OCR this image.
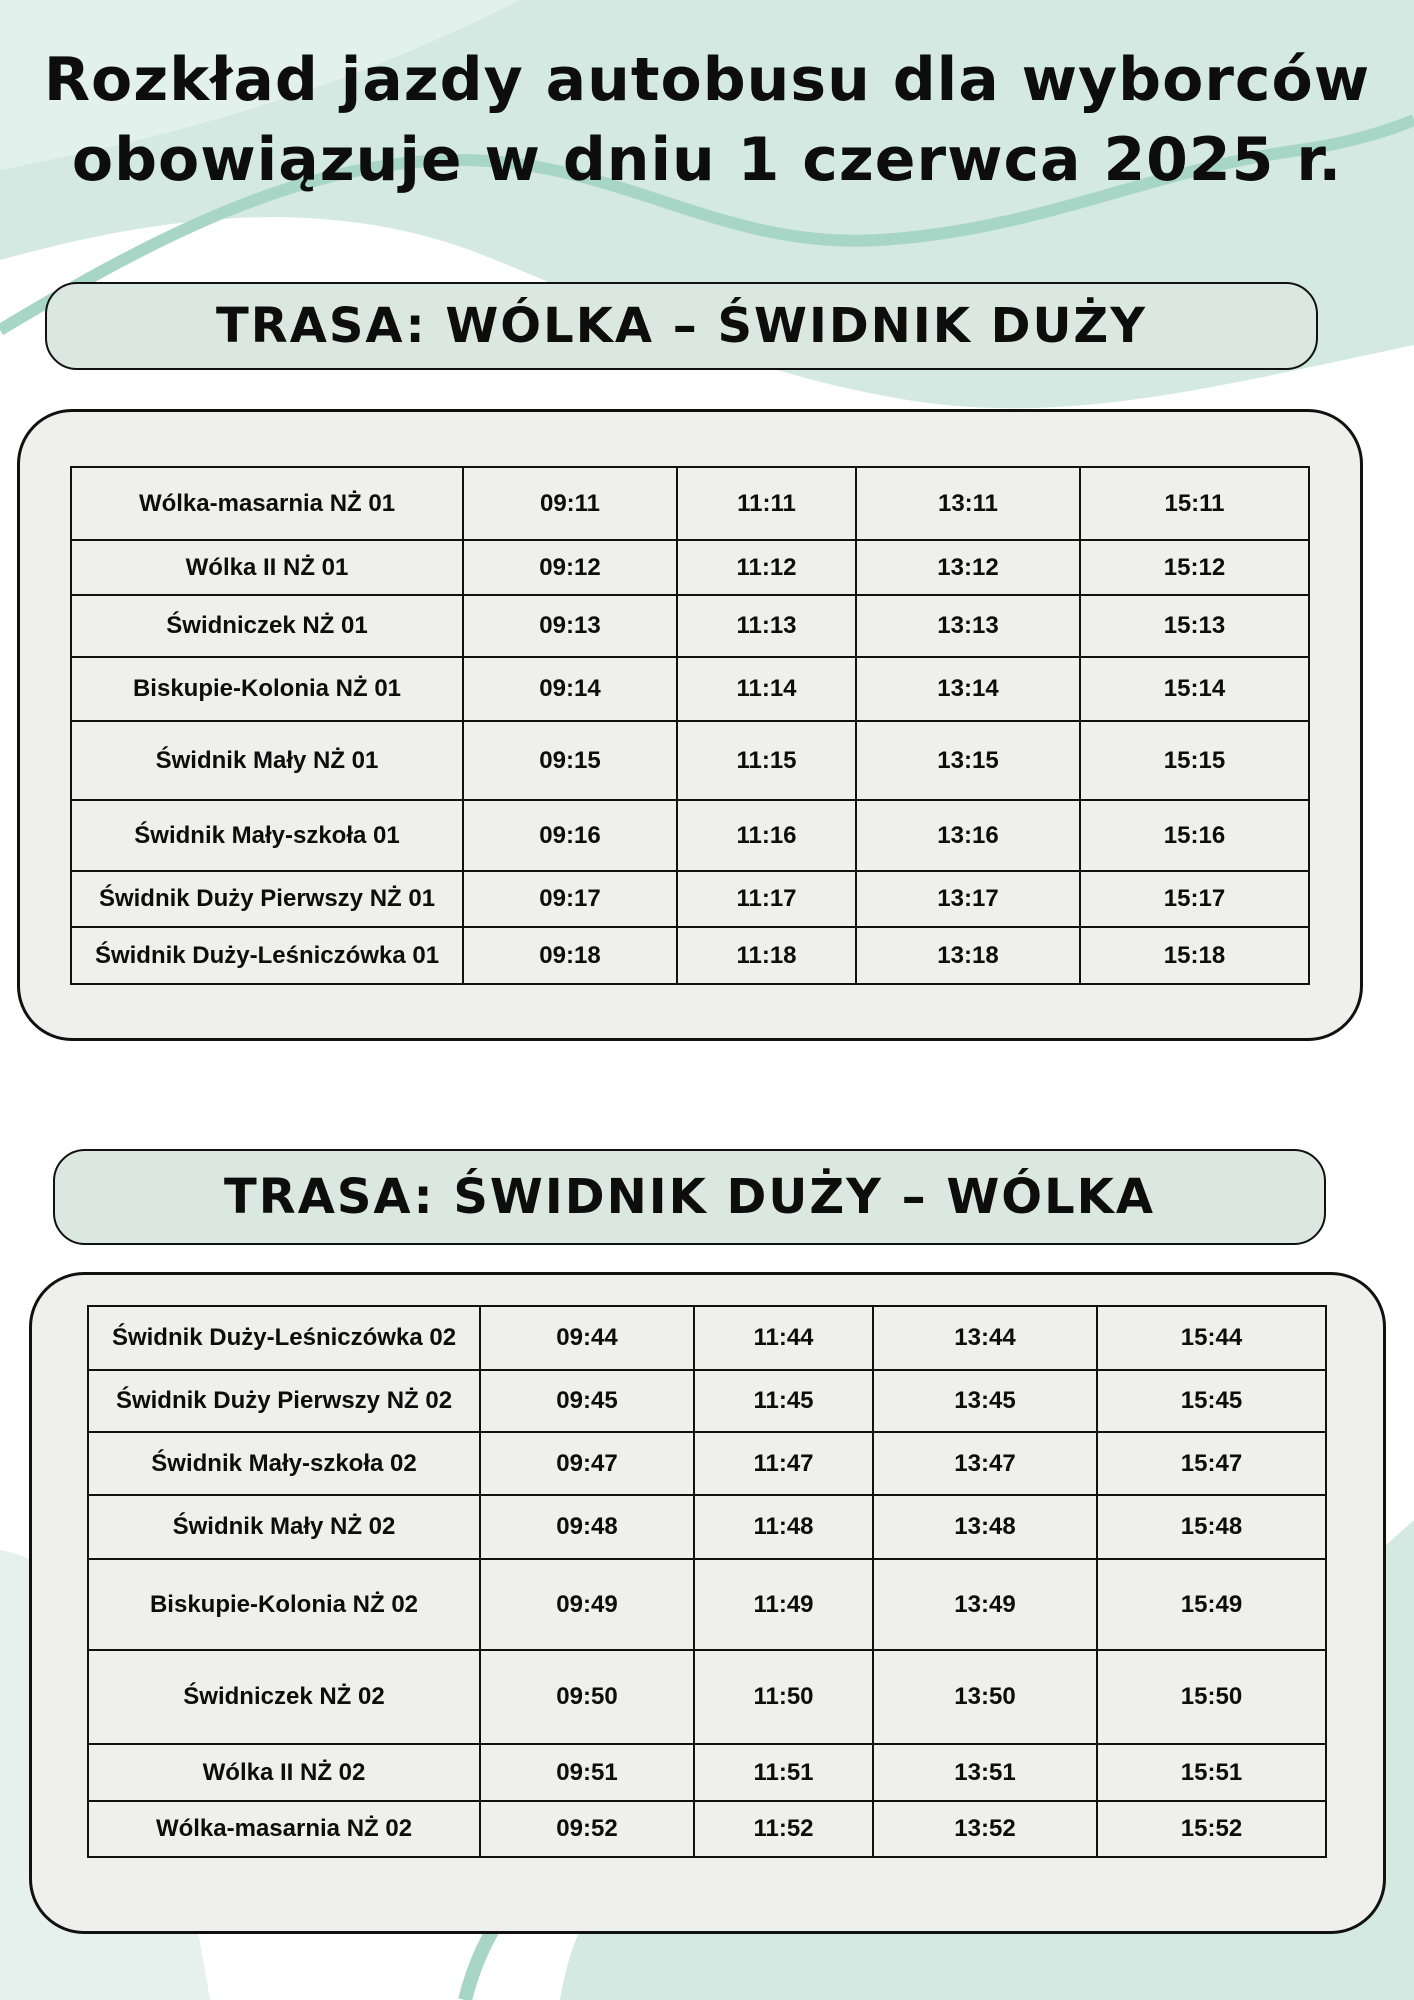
Rozkład jazdy autobusu dla wyborców
obowiązuje w dniu 1 czerwca 2025 r.
TRASA: WÓLKA – ŚWIDNIK DUŻY
Wólka-masarnia NŻ 01	09:11	11:11	13:11	15:11
Wólka II NŻ 01	09:12	11:12	13:12	15:12
Świdniczek NŻ 01	09:13	11:13	13:13	15:13
Biskupie-Kolonia NŻ 01	09:14	11:14	13:14	15:14
Świdnik Mały NŻ 01	09:15	11:15	13:15	15:15
Świdnik Mały-szkoła 01	09:16	11:16	13:16	15:16
Świdnik Duży Pierwszy NŻ 01	09:17	11:17	13:17	15:17
Świdnik Duży-Leśniczówka 01	09:18	11:18	13:18	15:18
TRASA: ŚWIDNIK DUŻY – WÓLKA
Świdnik Duży-Leśniczówka 02	09:44	11:44	13:44	15:44
Świdnik Duży Pierwszy NŻ 02	09:45	11:45	13:45	15:45
Świdnik Mały-szkoła 02	09:47	11:47	13:47	15:47
Świdnik Mały NŻ 02	09:48	11:48	13:48	15:48
Biskupie-Kolonia NŻ 02	09:49	11:49	13:49	15:49
Świdniczek NŻ 02	09:50	11:50	13:50	15:50
Wólka II NŻ 02	09:51	11:51	13:51	15:51
Wólka-masarnia NŻ 02	09:52	11:52	13:52	15:52
